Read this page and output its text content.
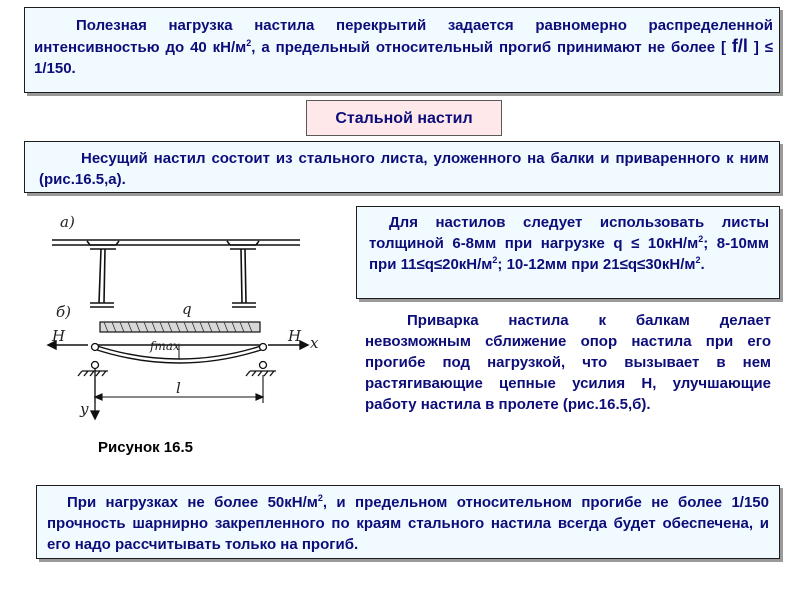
Полезная нагрузка настила перекрытий задается равномерно распределенной интенсивностью до 40 $кН/м^2$, а предельный относительный прогиб принимают не более [ f/l ] ≤ 1/150.
Стальной настил
Несущий настил состоит из стального листа, уложенного на балки и приваренного к ним (рис.16.5,а).
Для настилов следует использовать листы толщиной 6-8мм при нагрузке $q \le 10кН/м^2$; 8-10мм при $11\le q\le 20кН/м^2$; 10-12мм при $21\le q\le 30кН/м^2$.
Приварка настила к балкам делает невозможным сближение опор настила при его прогибе под нагрузкой, что вызывает в нем растягивающие цепные усилия H, улучшающие работу настила в пролете (рис.16.5,б).
а)
б)	q
H	H x
fmax
l
y
Рисунок 16.5
При нагрузках не более $50кН/м^2$, и предельном относительном прогибе не более 1/150 прочность шарнирно закрепленного по краям стального настила всегда будет обеспечена, и его надо рассчитывать только на прогиб.
